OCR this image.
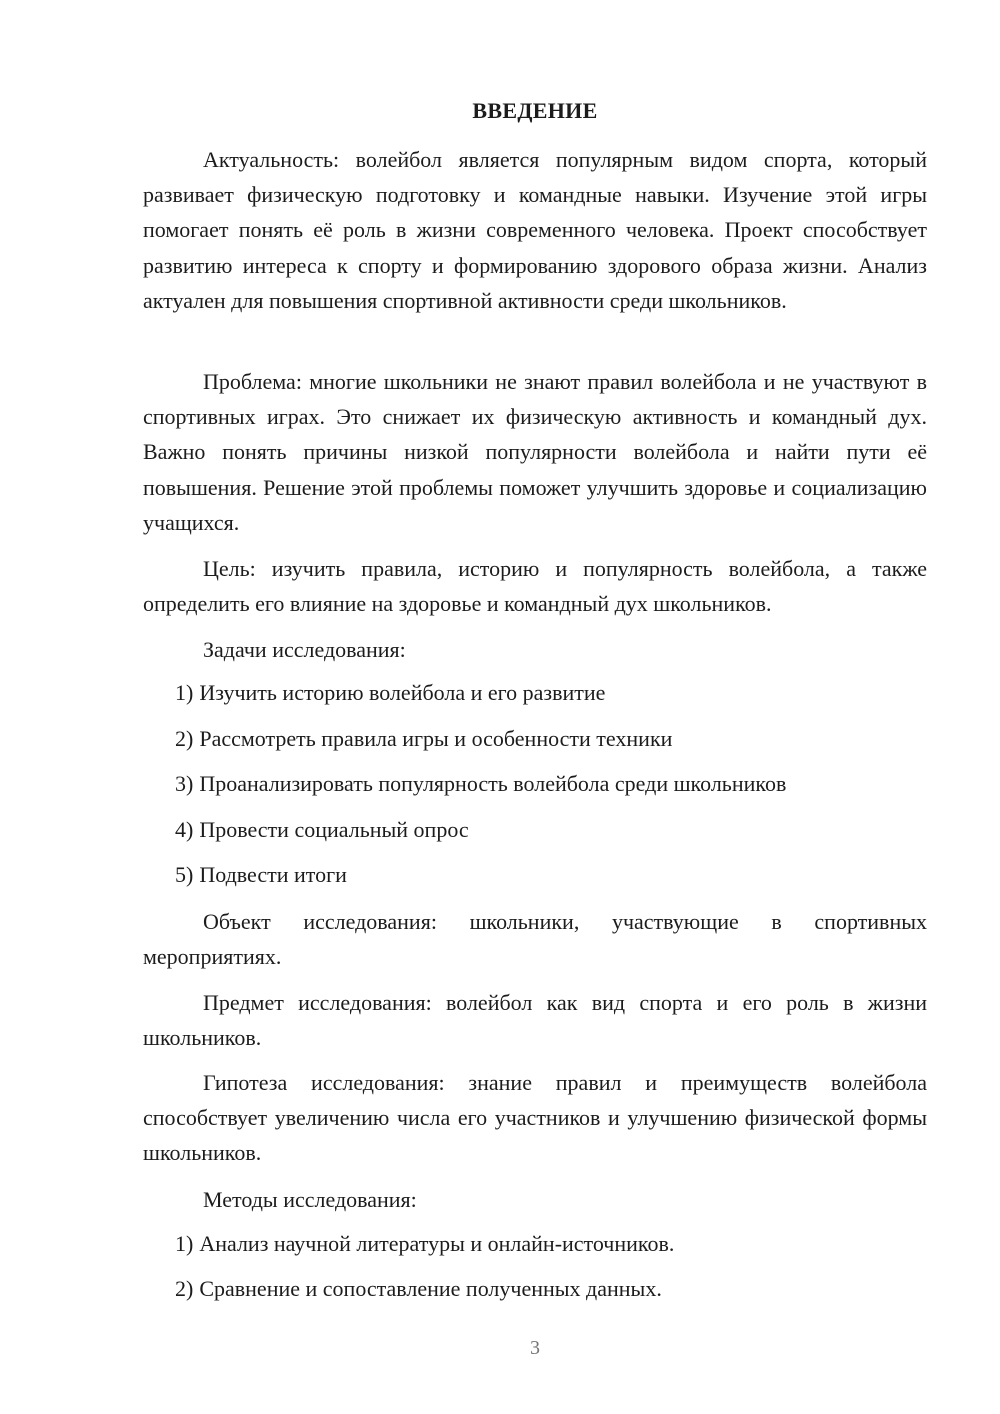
ВВЕДЕНИЕ

Актуальность: волейбол является популярным видом спорта, который развивает физическую подготовку и командные навыки. Изучение этой игры помогает понять её роль в жизни современного человека. Проект способствует развитию интереса к спорту и формированию здорового образа жизни. Анализ актуален для повышения спортивной активности среди школьников.

Проблема: многие школьники не знают правил волейбола и не участвуют в спортивных играх. Это снижает их физическую активность и командный дух. Важно понять причины низкой популярности волейбола и найти пути её повышения. Решение этой проблемы поможет улучшить здоровье и социализацию учащихся.

Цель: изучить правила, историю и популярность волейбола, а также определить его влияние на здоровье и командный дух школьников.

Задачи исследования:

1) Изучить историю волейбола и его развитие

2) Рассмотреть правила игры и особенности техники

3) Проанализировать популярность волейбола среди школьников

4) Провести социальный опрос

5) Подвести итоги

Объект исследования: школьники, участвующие в спортивных мероприятиях.

Предмет исследования: волейбол как вид спорта и его роль в жизни школьников.

Гипотеза исследования: знание правил и преимуществ волейбола способствует увеличению числа его участников и улучшению физической формы школьников.

Методы исследования:

1) Анализ научной литературы и онлайн-источников.

2) Сравнение и сопоставление полученных данных.

3
